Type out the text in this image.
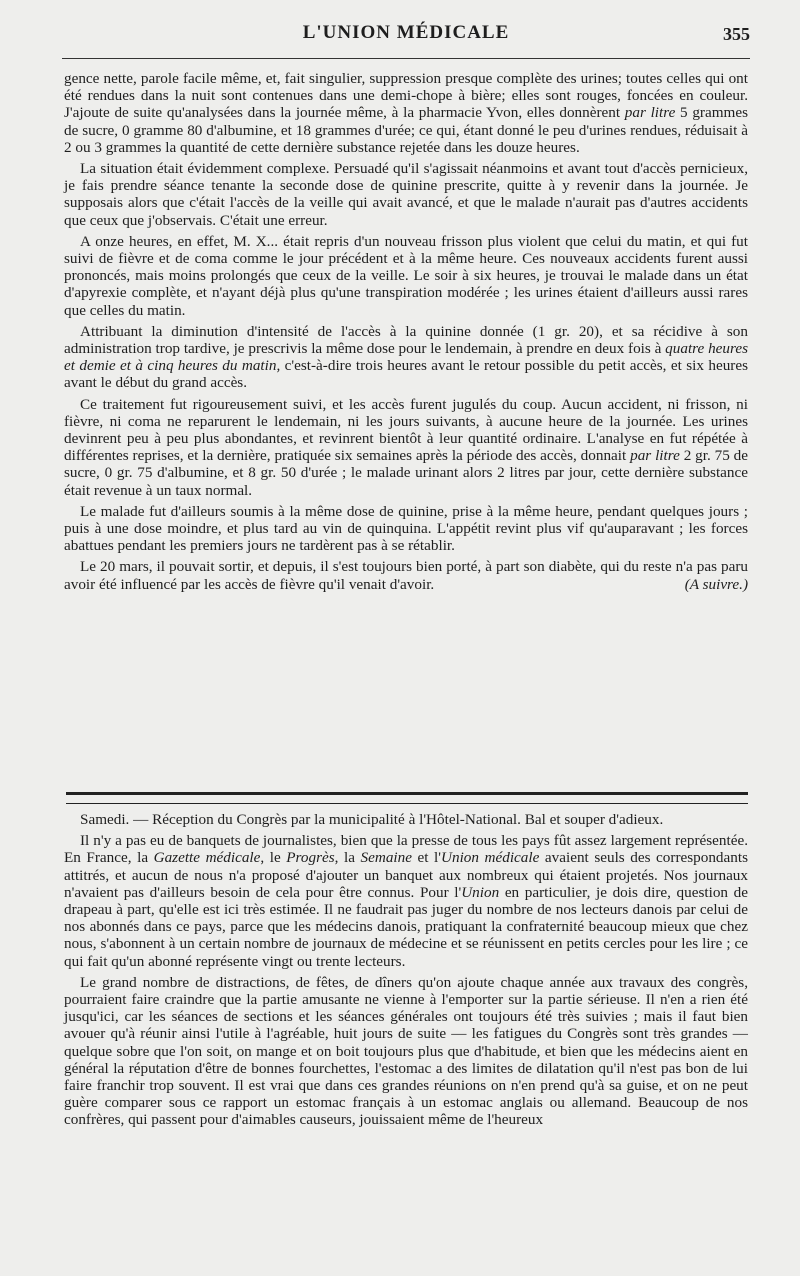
L'UNION MÉDICALE	355

gence nette, parole facile même, et, fait singulier, suppression presque complète des urines; toutes celles qui ont été rendues dans la nuit sont contenues dans une demi-chope à bière; elles sont rouges, foncées en couleur. J'ajoute de suite qu'analysées dans la journée même, à la pharmacie Yvon, elles donnèrent par litre 5 grammes de sucre, 0 gramme 80 d'albumine, et 18 grammes d'urée; ce qui, étant donné le peu d'urines rendues, réduisait à 2 ou 3 grammes la quantité de cette dernière substance rejetée dans les douze heures.

La situation était évidemment complexe. Persuadé qu'il s'agissait néanmoins et avant tout d'accès pernicieux, je fais prendre séance tenante la seconde dose de quinine prescrite, quitte à y revenir dans la journée. Je supposais alors que c'était l'accès de la veille qui avait avancé, et que le malade n'aurait pas d'autres accidents que ceux que j'observais. C'était une erreur.

A onze heures, en effet, M. X... était repris d'un nouveau frisson plus violent que celui du matin, et qui fut suivi de fièvre et de coma comme le jour précédent et à la même heure. Ces nouveaux accidents furent aussi prononcés, mais moins prolongés que ceux de la veille. Le soir à six heures, je trouvai le malade dans un état d'apyrexie complète, et n'ayant déjà plus qu'une transpiration modérée ; les urines étaient d'ailleurs aussi rares que celles du matin.

Attribuant la diminution d'intensité de l'accès à la quinine donnée (1 gr. 20), et sa récidive à son administration trop tardive, je prescrivis la même dose pour le lendemain, à prendre en deux fois à quatre heures et demie et à cinq heures du matin, c'est-à-dire trois heures avant le retour possible du petit accès, et six heures avant le début du grand accès.

Ce traitement fut rigoureusement suivi, et les accès furent jugulés du coup. Aucun accident, ni frisson, ni fièvre, ni coma ne reparurent le lendemain, ni les jours suivants, à aucune heure de la journée. Les urines devinrent peu à peu plus abondantes, et revinrent bientôt à leur quantité ordinaire. L'analyse en fut répétée à différentes reprises, et la dernière, pratiquée six semaines après la période des accès, donnait par litre 2 gr. 75 de sucre, 0 gr. 75 d'albumine, et 8 gr. 50 d'urée ; le malade urinant alors 2 litres par jour, cette dernière substance était revenue à un taux normal.

Le malade fut d'ailleurs soumis à la même dose de quinine, prise à la même heure, pendant quelques jours ; puis à une dose moindre, et plus tard au vin de quinquina. L'appétit revint plus vif qu'auparavant ; les forces abattues pendant les premiers jours ne tardèrent pas à se rétablir.

Le 20 mars, il pouvait sortir, et depuis, il s'est toujours bien porté, à part son diabète, qui du reste n'a pas paru avoir été influencé par les accès de fièvre qu'il venait d'avoir.	(A suivre.)

Samedi. — Réception du Congrès par la municipalité à l'Hôtel-National. Bal et souper d'adieux.

Il n'y a pas eu de banquets de journalistes, bien que la presse de tous les pays fût assez largement représentée. En France, la Gazette médicale, le Progrès, la Semaine et l'Union médicale avaient seuls des correspondants attitrés, et aucun de nous n'a proposé d'ajouter un banquet aux nombreux qui étaient projetés. Nos journaux n'avaient pas d'ailleurs besoin de cela pour être connus. Pour l'Union en particulier, je dois dire, question de drapeau à part, qu'elle est ici très estimée. Il ne faudrait pas juger du nombre de nos lecteurs danois par celui de nos abonnés dans ce pays, parce que les médecins danois, pratiquant la confraternité beaucoup mieux que chez nous, s'abonnent à un certain nombre de journaux de médecine et se réunissent en petits cercles pour les lire ; ce qui fait qu'un abonné représente vingt ou trente lecteurs.

Le grand nombre de distractions, de fêtes, de dîners qu'on ajoute chaque année aux travaux des congrès, pourraient faire craindre que la partie amusante ne vienne à l'emporter sur la partie sérieuse. Il n'en a rien été jusqu'ici, car les séances de sections et les séances générales ont toujours été très suivies ; mais il faut bien avouer qu'à réunir ainsi l'utile à l'agréable, huit jours de suite — les fatigues du Congrès sont très grandes — quelque sobre que l'on soit, on mange et on boit toujours plus que d'habitude, et bien que les médecins aient en général la réputation d'être de bonnes fourchettes, l'estomac a des limites de dilatation qu'il n'est pas bon de lui faire franchir trop souvent. Il est vrai que dans ces grandes réunions on n'en prend qu'à sa guise, et on ne peut guère comparer sous ce rapport un estomac français à un estomac anglais ou allemand. Beaucoup de nos confrères, qui passent pour d'aimables causeurs, jouissaient même de l'heureux
